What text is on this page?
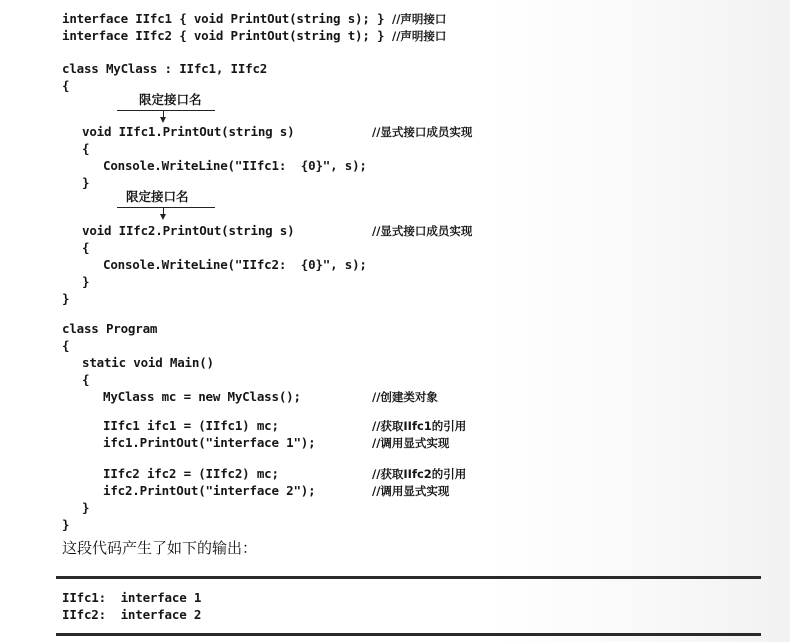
interface IIfc1 { void PrintOut(string s); } //声明接口
interface IIfc2 { void PrintOut(string t); } //声明接口
class MyClass : IIfc1, IIfc2
{
限定接口名
void IIfc1.PrintOut(string s)	//显式接口成员实现
{
Console.WriteLine("IIfc1:  {0}", s);
}
限定接口名
void IIfc2.PrintOut(string s)	//显式接口成员实现
{
Console.WriteLine("IIfc2:  {0}", s);
}
}
class Program
{
static void Main()
{
MyClass mc = new MyClass();	//创建类对象
IIfc1 ifc1 = (IIfc1) mc;	//获取IIfc1的引用
ifc1.PrintOut("interface 1");	//调用显式实现
IIfc2 ifc2 = (IIfc2) mc;	//获取IIfc2的引用
ifc2.PrintOut("interface 2");	//调用显式实现
}
}
这段代码产生了如下的输出：
IIfc1:  interface 1
IIfc2:  interface 2
